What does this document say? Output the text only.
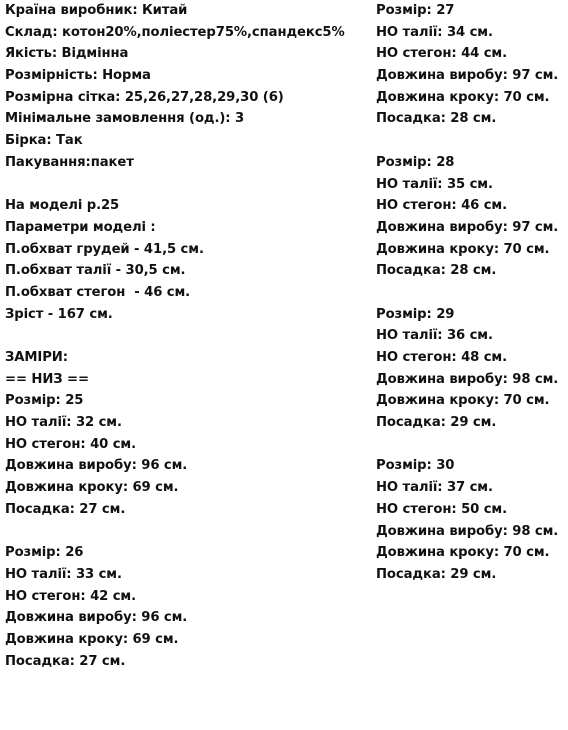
Країна виробник: Китай
Склад: котон20%,поліестер75%,спандекс5%
Якість: Відмінна
Розмірність: Норма
Розмірна сітка: 25,26,27,28,29,30 (6)
Мінімальне замовлення (од.): 3
Бірка: Так
Пакування:пакет
На моделі р.25
Параметри моделі :
П.обхват грудей - 41,5 см.
П.обхват талії - 30,5 см.
П.обхват стегон  - 46 см.
Зріст - 167 см.
ЗАМІРИ:
== НИЗ ==
Розмір: 25
НО талії: 32 см.
НО стегон: 40 см.
Довжина виробу: 96 см.
Довжина кроку: 69 см.
Посадка: 27 см.
Розмір: 26
НО талії: 33 см.
НО стегон: 42 см.
Довжина виробу: 96 см.
Довжина кроку: 69 см.
Посадка: 27 см.
Розмір: 27
НО талії: 34 см.
НО стегон: 44 см.
Довжина виробу: 97 см.
Довжина кроку: 70 см.
Посадка: 28 см.
Розмір: 28
НО талії: 35 см.
НО стегон: 46 см.
Довжина виробу: 97 см.
Довжина кроку: 70 см.
Посадка: 28 см.
Розмір: 29
НО талії: 36 см.
НО стегон: 48 см.
Довжина виробу: 98 см.
Довжина кроку: 70 см.
Посадка: 29 см.
Розмір: 30
НО талії: 37 см.
НО стегон: 50 см.
Довжина виробу: 98 см.
Довжина кроку: 70 см.
Посадка: 29 см.
